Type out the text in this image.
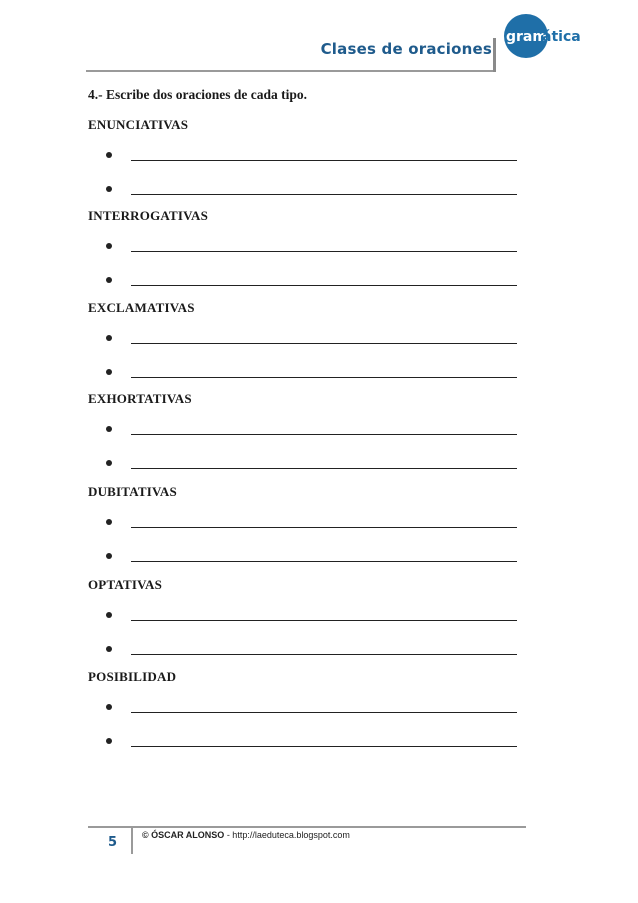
Clases de oraciones
gram
ática
4.- Escribe dos oraciones de cada tipo.
ENUNCIATIVAS
INTERROGATIVAS
EXCLAMATIVAS
EXHORTATIVAS
DUBITATIVAS
OPTATIVAS
POSIBILIDAD
5	© ÓSCAR ALONSO - http://laeduteca.blogspot.com
